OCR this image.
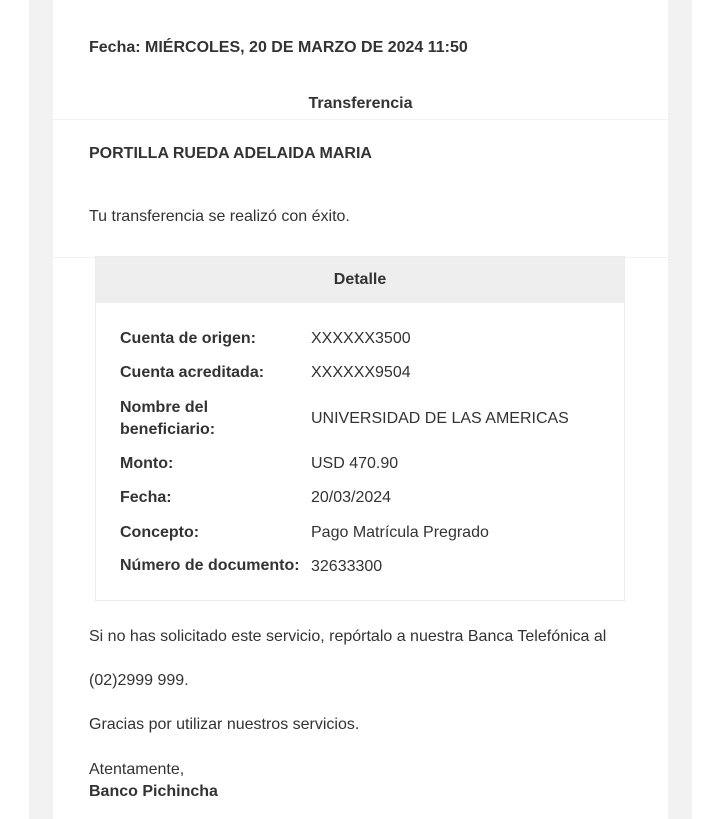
Fecha: MIÉRCOLES, 20 DE MARZO DE 2024 11:50
Transferencia
PORTILLA RUEDA ADELAIDA MARIA
Tu transferencia se realizó con éxito.
Detalle
Cuenta de origen:	XXXXXX3500
Cuenta acreditada:	XXXXXX9504
Nombre del beneficiario:
UNIVERSIDAD DE LAS AMERICAS
Monto:	USD 470.90
Fecha:	20/03/2024
Concepto:	Pago Matrícula Pregrado
Número de documento: 32633300
Si no has solicitado este servicio, repórtalo a nuestra Banca Telefónica al
(02)2999 999.
Gracias por utilizar nuestros servicios.
Atentamente,
Banco Pichincha
